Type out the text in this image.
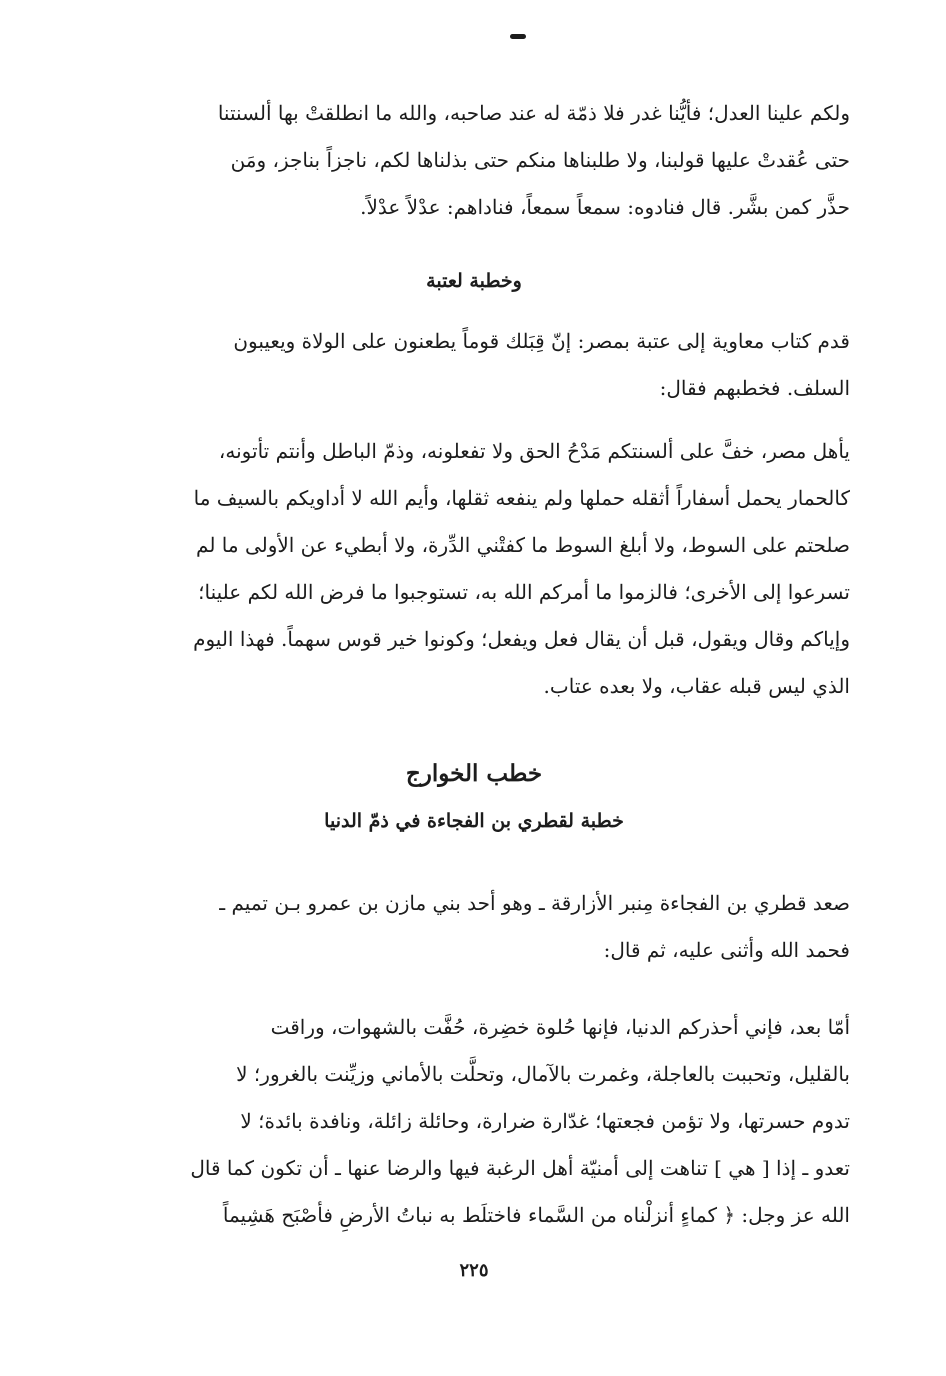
ولكم علينا العدل؛ فأيُّنا غدر فلا ذمّة له عند صاحبه، والله ما انطلقتْ بها ألسنتنا
حتى عُقدتْ عليها قولبنا، ولا طلبناها منكم حتى بذلناها لكم، ناجزاً بناجز، ومَن
حذَّر كمن بشَّر. قال فنادوه: سمعاً سمعاً، فناداهم: عدْلاً عدْلاً.
وخطبة لعتبة
قدم كتاب معاوية إلى عتبة بمصر: إنّ قِبَلك قوماً يطعنون على الولاة ويعيبون
السلف. فخطبهم فقال:
يأهل مصر، خفَّ على ألسنتكم مَدْحُ الحق ولا تفعلونه، وذمّ الباطل وأنتم تأتونه،
كالحمار يحمل أسفاراً أثقله حملها ولم ينفعه ثقلها، وأيم الله لا أداويكم بالسيف ما
صلحتم على السوط، ولا أبلغ السوط ما كفتْني الدِّرة، ولا أبطيء عن الأولى ما لم
تسرعوا إلى الأخرى؛ فالزموا ما أمركم الله به، تستوجبوا ما فرض الله لكم علينا؛
وإياكم وقال ويقول، قبل أن يقال فعل ويفعل؛ وكونوا خير قوس سهماً. فهذا اليوم
الذي ليس قبله عقاب، ولا بعده عتاب.
خطب الخوارج
خطبة لقطري بن الفجاءة في ذمّ الدنيا
صعد قطري بن الفجاءة مِنبر الأزارقة ـ وهو أحد بني مازن بن عمرو بـن تميم ـ
فحمد الله وأثنى عليه، ثم قال:
أمّا بعد، فإني أحذركم الدنيا، فإنها حُلوة خضِرة، حُفَّت بالشهوات، وراقت
بالقليل، وتحببت بالعاجلة، وغمرت بالآمال، وتحلَّت بالأماني وزيِّنت بالغرور؛ لا
تدوم حسرتها، ولا تؤمن فجعتها؛ غدّارة ضرارة، وحائلة زائلة، ونافدة بائدة؛ لا
تعدو ـ إذا [ هي ] تناهت إلى أمنيّة أهل الرغبة فيها والرضا عنها ـ أن تكون كما قال
الله عز وجل: ﴿ كماءٍ أنزلْناه من السَّماء فاختلَط به نباتُ الأرضِ فأصْبَح هَشِيماً
٢٢٥
